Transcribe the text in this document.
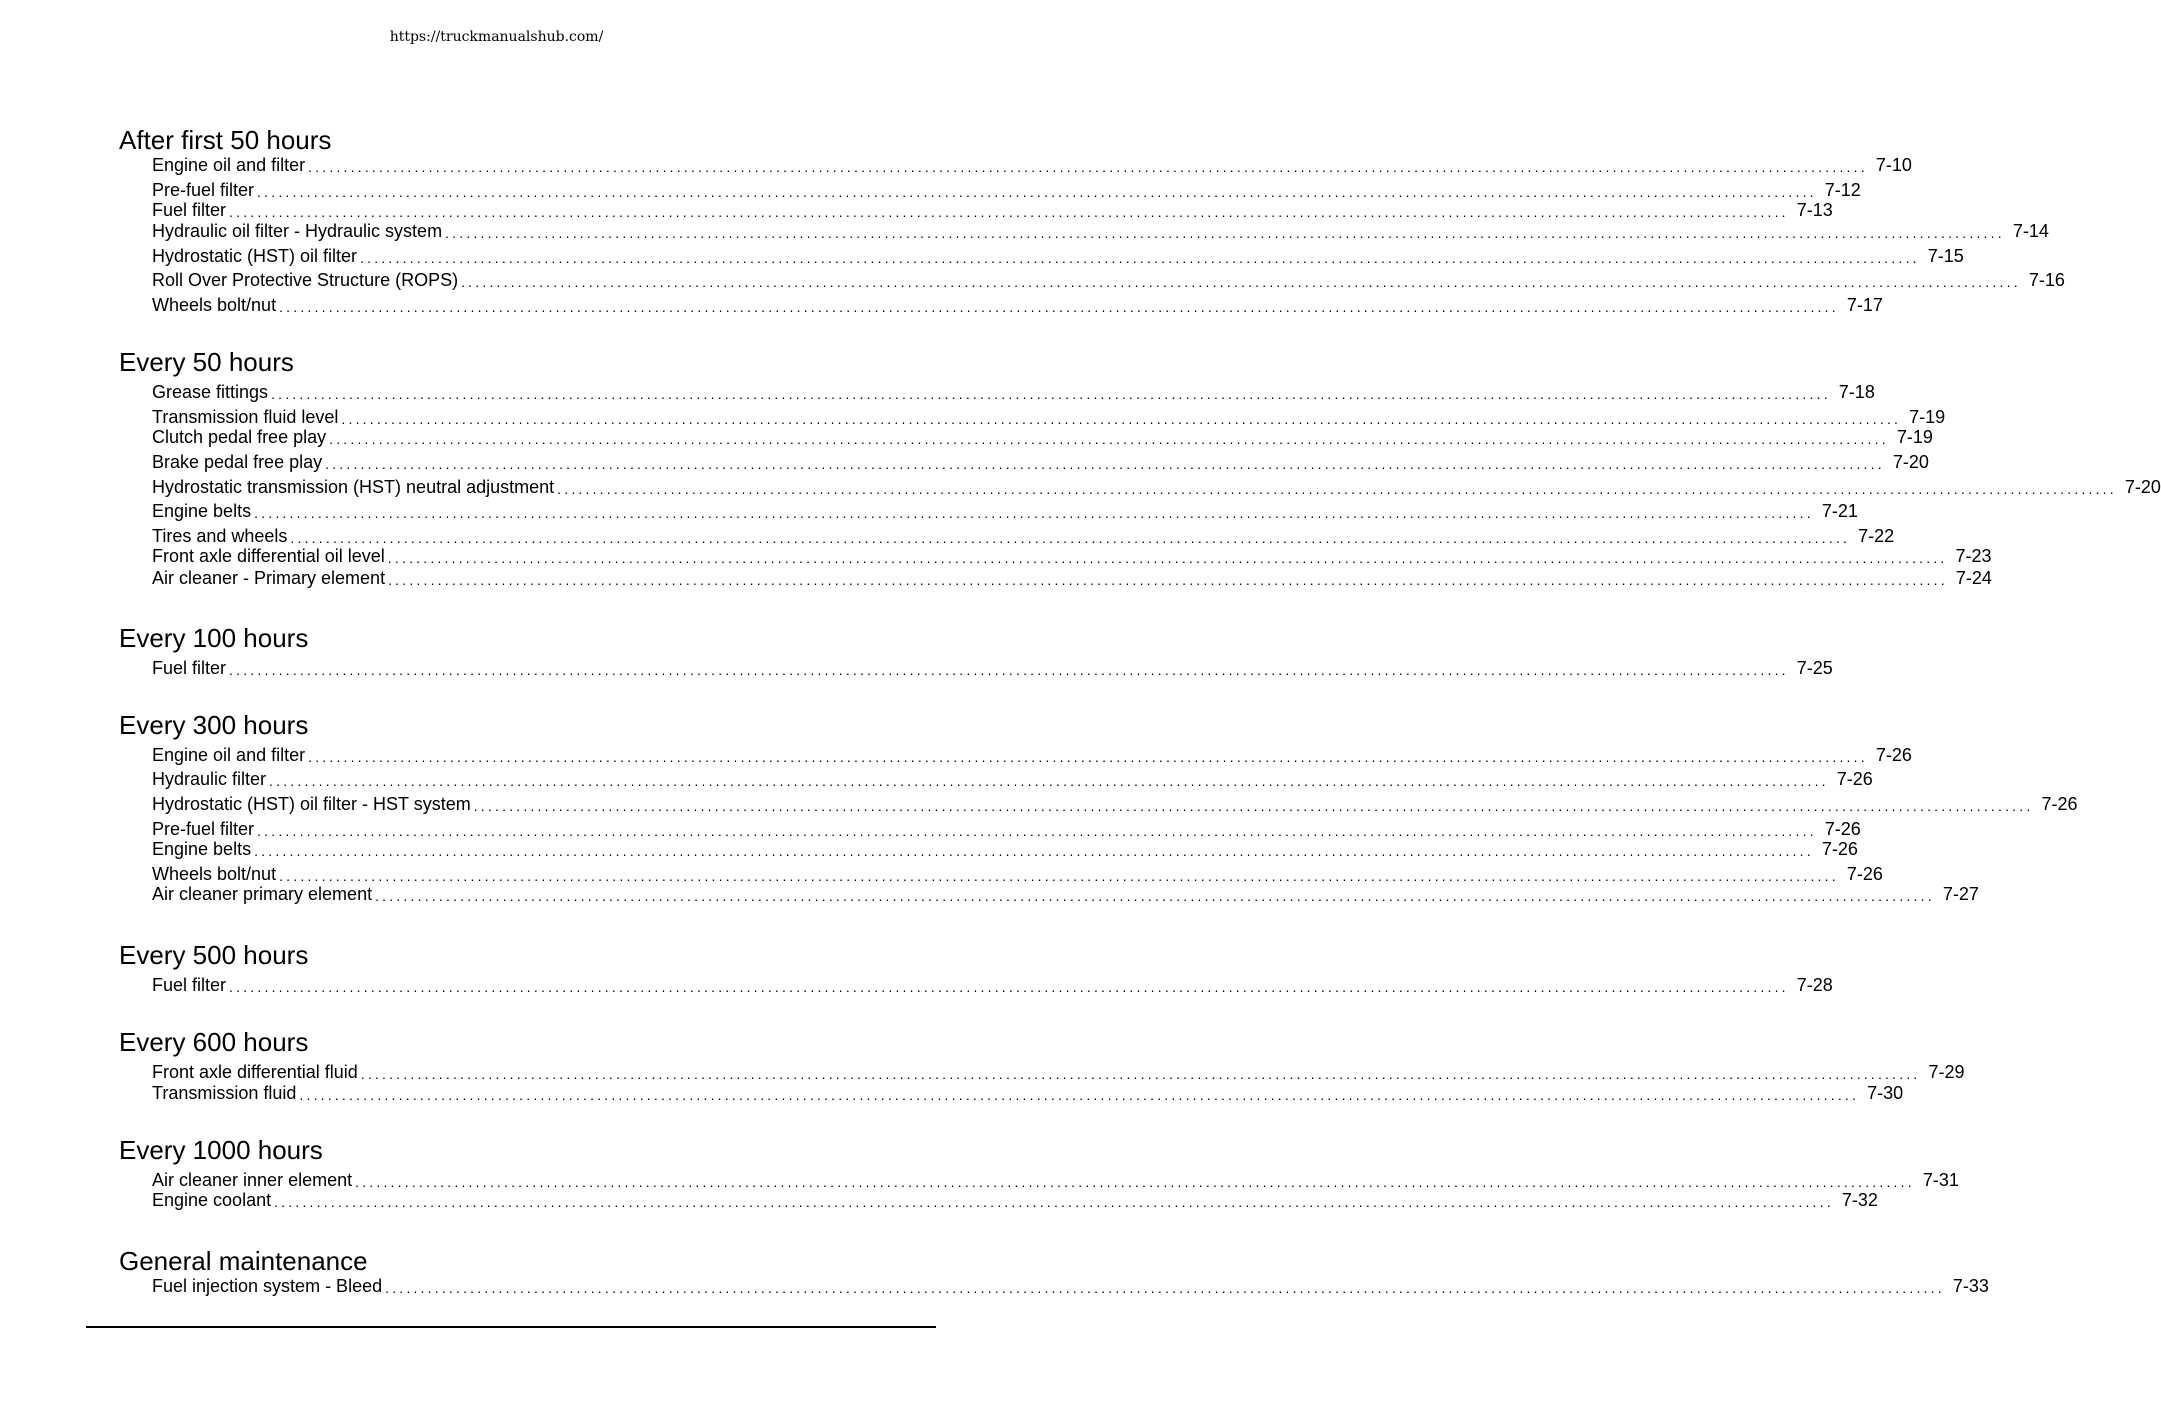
https://truckmanualshub.com/
After first 50 hours
Engine oil and filter ............................................................................................................................................................................................................................ 7-10
Pre-fuel filter ............................................................................................................................................................................................................................ 7-12
Fuel filter ............................................................................................................................................................................................................................ 7-13
Hydraulic oil filter - Hydraulic system ............................................................................................................................................................................................................................ 7-14
Hydrostatic (HST) oil filter ............................................................................................................................................................................................................................ 7-15
Roll Over Protective Structure (ROPS) ............................................................................................................................................................................................................................ 7-16
Wheels bolt/nut ............................................................................................................................................................................................................................ 7-17
Every 50 hours
Grease fittings ............................................................................................................................................................................................................................ 7-18
Transmission fluid level ............................................................................................................................................................................................................................ 7-19
Clutch pedal free play ............................................................................................................................................................................................................................ 7-19
Brake pedal free play ............................................................................................................................................................................................................................ 7-20
Hydrostatic transmission (HST) neutral adjustment ............................................................................................................................................................................................................................ 7-20
Engine belts ............................................................................................................................................................................................................................ 7-21
Tires and wheels ............................................................................................................................................................................................................................ 7-22
Front axle differential oil level ............................................................................................................................................................................................................................ 7-23
Air cleaner - Primary element ............................................................................................................................................................................................................................ 7-24
Every 100 hours
Fuel filter ............................................................................................................................................................................................................................ 7-25
Every 300 hours
Engine oil and filter ............................................................................................................................................................................................................................ 7-26
Hydraulic filter ............................................................................................................................................................................................................................ 7-26
Hydrostatic (HST) oil filter - HST system ............................................................................................................................................................................................................................ 7-26
Pre-fuel filter ............................................................................................................................................................................................................................ 7-26
Engine belts ............................................................................................................................................................................................................................ 7-26
Wheels bolt/nut ............................................................................................................................................................................................................................ 7-26
Air cleaner primary element ............................................................................................................................................................................................................................ 7-27
Every 500 hours
Fuel filter ............................................................................................................................................................................................................................ 7-28
Every 600 hours
Front axle differential fluid ............................................................................................................................................................................................................................ 7-29
Transmission fluid ............................................................................................................................................................................................................................ 7-30
Every 1000 hours
Air cleaner inner element ............................................................................................................................................................................................................................ 7-31
Engine coolant ............................................................................................................................................................................................................................ 7-32
General maintenance
Fuel injection system - Bleed ............................................................................................................................................................................................................................ 7-33
